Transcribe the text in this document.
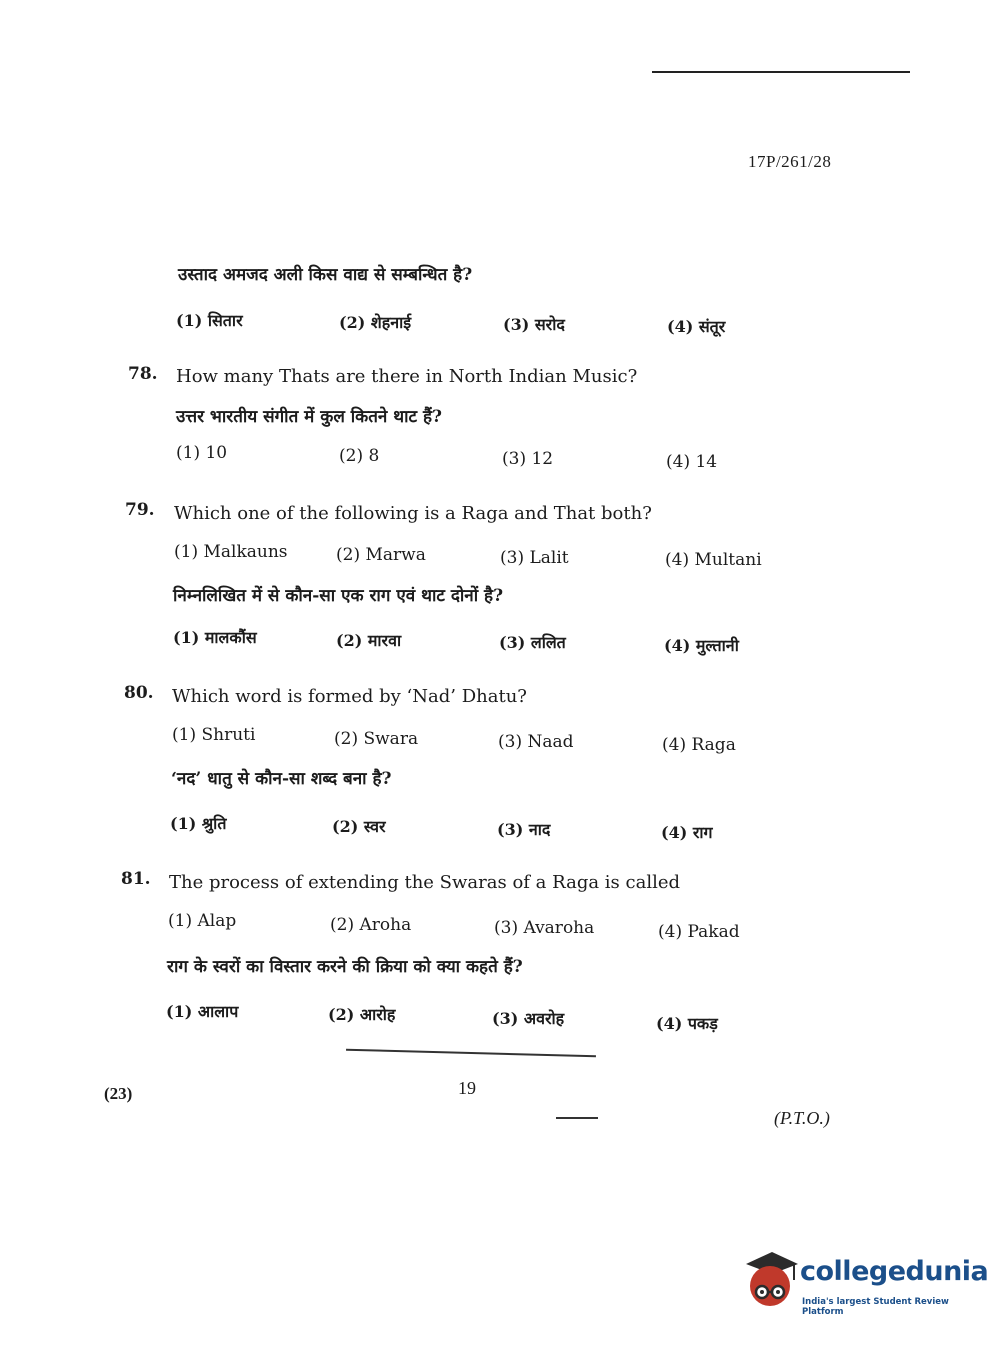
17P/261/28
उस्ताद अमजद अली किस वाद्य से सम्बन्धित है?
(1) सितार	(2) शेहनाई	(3) सरोद	(4) संतूर
78. How many Thats are there in North Indian Music?
उत्तर भारतीय संगीत में कुल कितने थाट हैं?
(1) 10	(2) 8	(3) 12	(4) 14
79. Which one of the following is a Raga and That both?
(1) Malkauns	(2) Marwa	(3) Lalit	(4) Multani
निम्नलिखित में से कौन-सा एक राग एवं थाट दोनों है?
(1) मालकौंस	(2) मारवा	(3) ललित	(4) मुल्तानी
80. Which word is formed by ‘Nad’ Dhatu?
(1) Shruti	(2) Swara	(3) Naad	(4) Raga
‘नद’ धातु से कौन-सा शब्द बना है?
(1) श्रुति	(2) स्वर	(3) नाद	(4) राग
81. The process of extending the Swaras of a Raga is called
(1) Alap	(2) Aroha	(3) Avaroha	(4) Pakad
राग के स्वरों का विस्तार करने की क्रिया को क्या कहते हैं?
(1) आलाप	(2) आरोह	(3) अवरोह	(4) पकड़
19
(23)
(P.T.O.)
collegedunia
India's largest Student Review Platform
